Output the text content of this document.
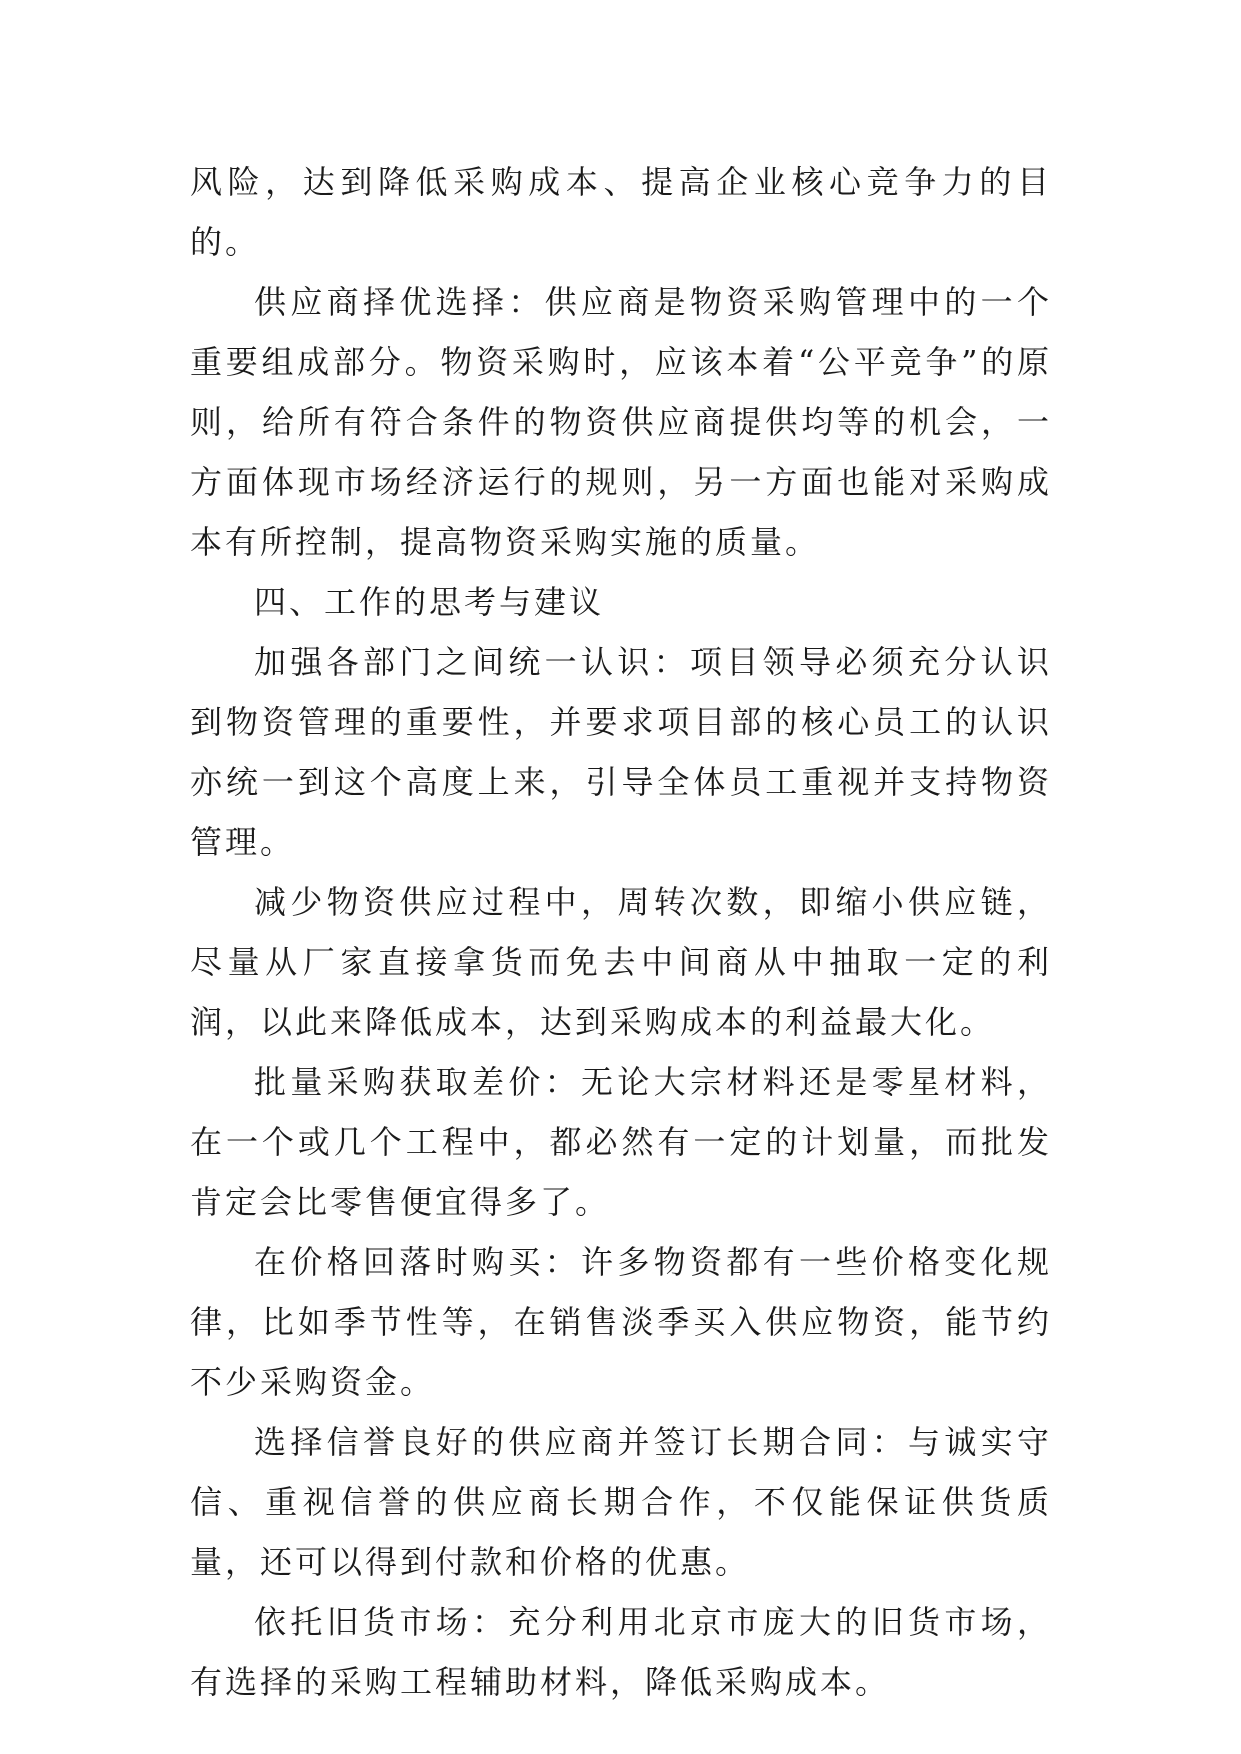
风险，达到降低采购成本、提高企业核心竞争力的目的。

供应商择优选择：供应商是物资采购管理中的一个重要组成部分。物资采购时，应该本着“公平竞争”的原则，给所有符合条件的物资供应商提供均等的机会，一方面体现市场经济运行的规则，另一方面也能对采购成本有所控制，提高物资采购实施的质量。

四、工作的思考与建议

加强各部门之间统一认识：项目领导必须充分认识到物资管理的重要性，并要求项目部的核心员工的认识亦统一到这个高度上来，引导全体员工重视并支持物资管理。

减少物资供应过程中，周转次数，即缩小供应链，尽量从厂家直接拿货而免去中间商从中抽取一定的利润，以此来降低成本，达到采购成本的利益最大化。

批量采购获取差价：无论大宗材料还是零星材料，在一个或几个工程中，都必然有一定的计划量，而批发肯定会比零售便宜得多了。

在价格回落时购买：许多物资都有一些价格变化规律，比如季节性等，在销售淡季买入供应物资，能节约不少采购资金。

选择信誉良好的供应商并签订长期合同：与诚实守信、重视信誉的供应商长期合作，不仅能保证供货质量，还可以得到付款和价格的优惠。

依托旧货市场：充分利用北京市庞大的旧货市场，有选择的采购工程辅助材料，降低采购成本。
